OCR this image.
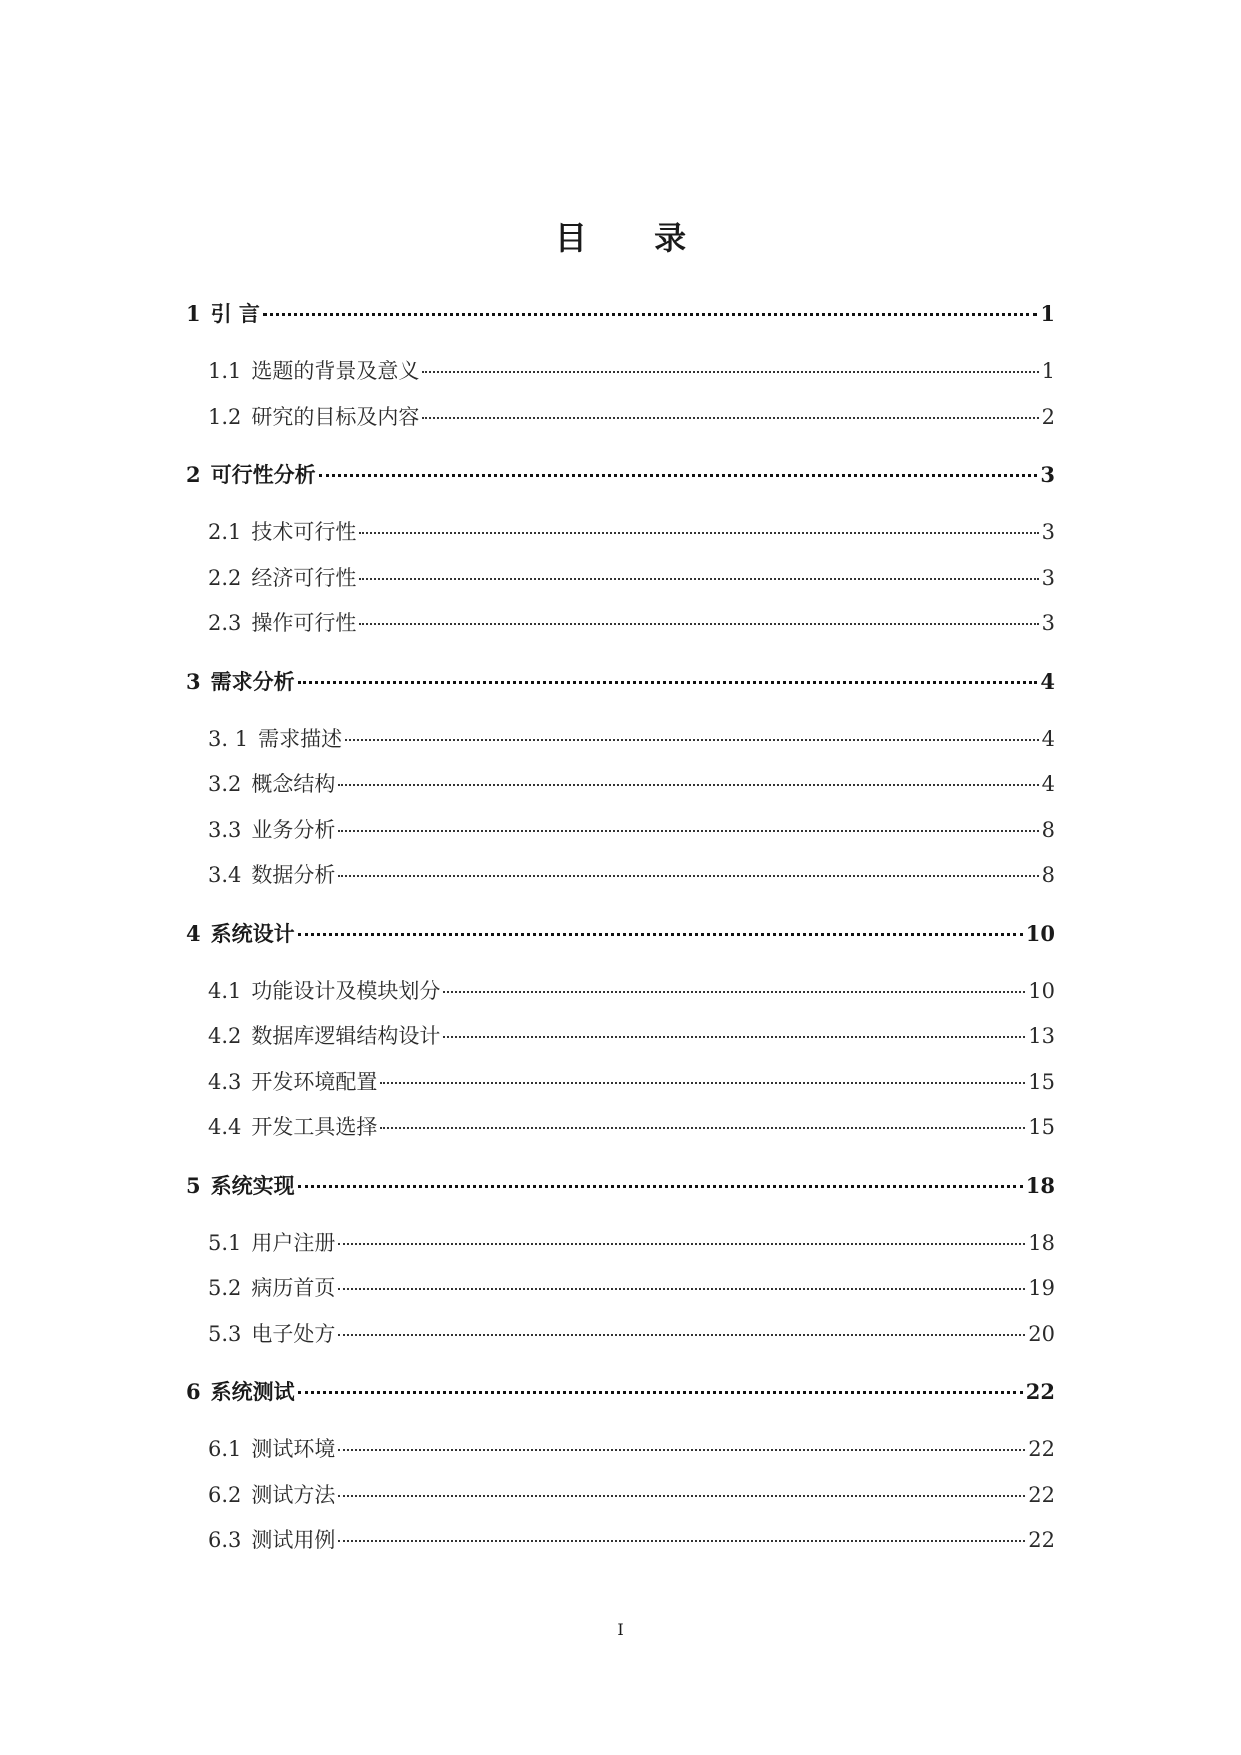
目 录
1 引 言	1
1.1 选题的背景及意义	1
1.2 研究的目标及内容	2
2 可行性分析	3
2.1 技术可行性	3
2.2 经济可行性	3
2.3 操作可行性	3
3 需求分析	4
3. 1 需求描述	4
3.2 概念结构	4
3.3 业务分析	8
3.4 数据分析	8
4 系统设计	10
4.1 功能设计及模块划分	10
4.2 数据库逻辑结构设计	13
4.3 开发环境配置	15
4.4 开发工具选择	15
5 系统实现	18
5.1 用户注册	18
5.2 病历首页	19
5.3 电子处方	20
6 系统测试	22
6.1 测试环境	22
6.2 测试方法	22
6.3 测试用例	22
I
